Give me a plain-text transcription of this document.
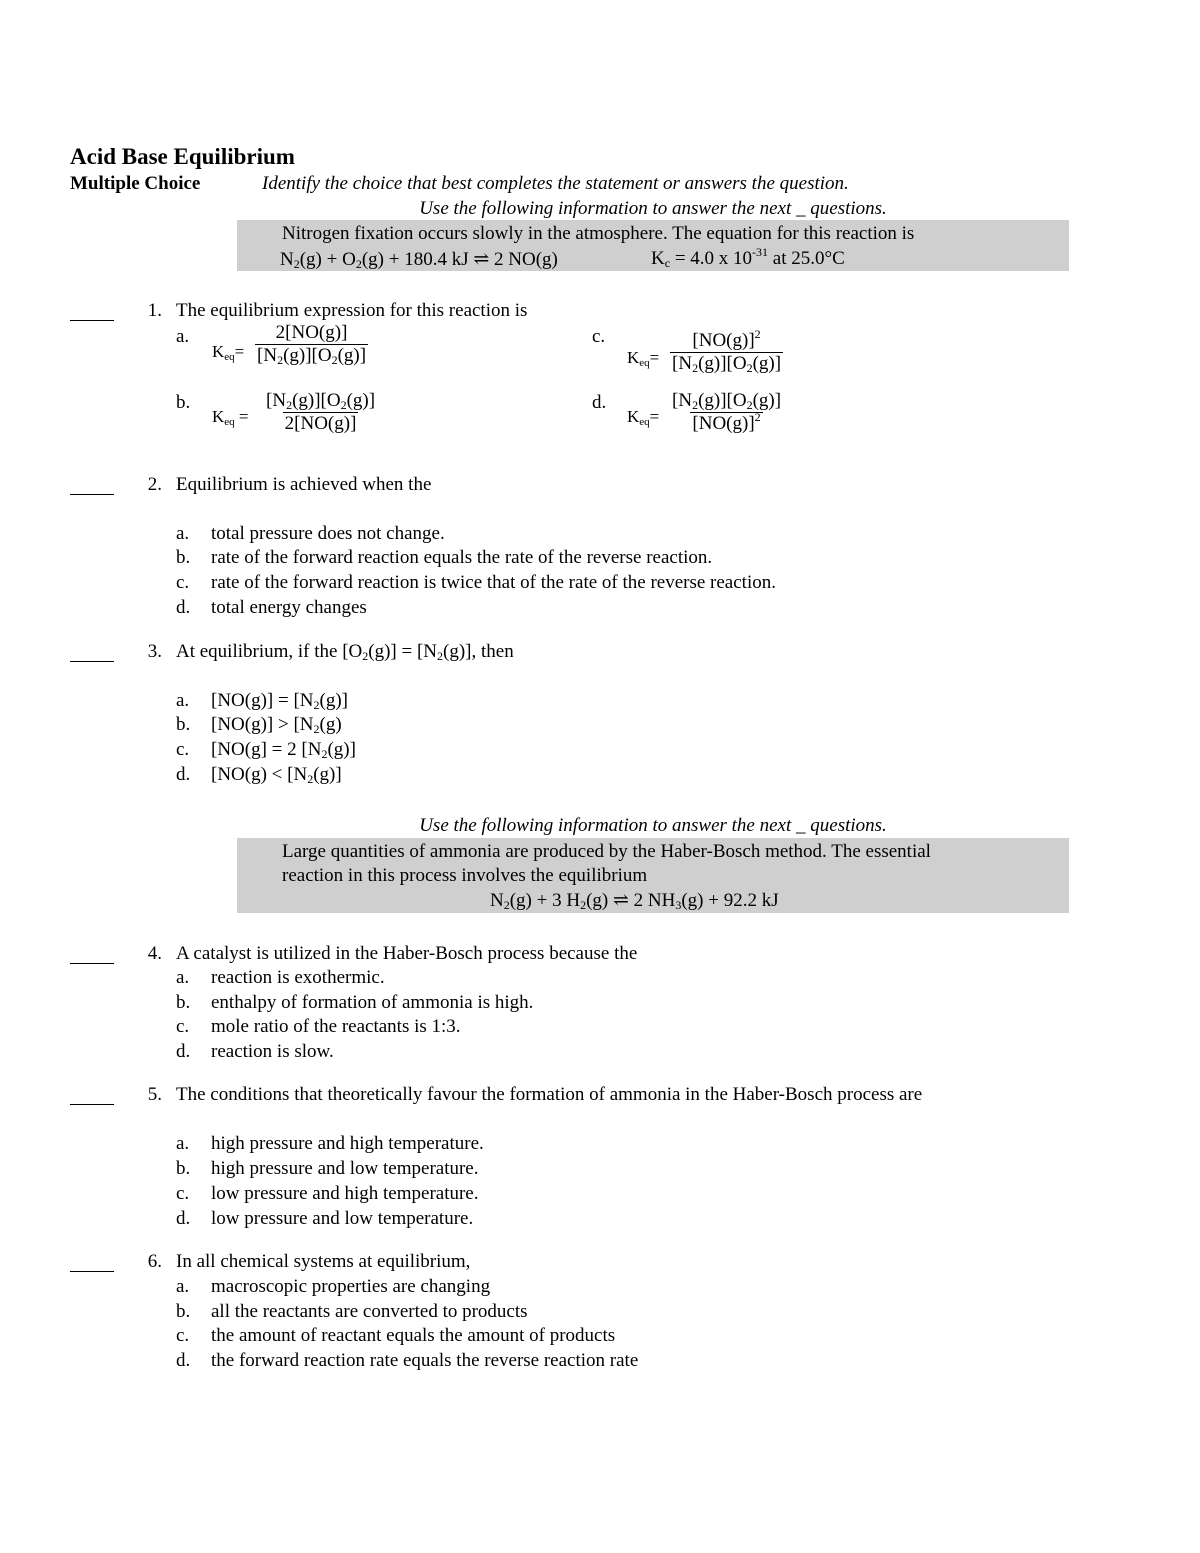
Acid Base Equilibrium
Multiple Choice	Identify the choice that best completes the statement or answers the question.
Use the following information to answer the next _ questions.
Nitrogen fixation occurs slowly in the atmosphere. The equation for this reaction is
$N_2(g) + O_2(g) + 180.4$ kJ ⇌ 2 NO(g)	$K_c = 4.0$ x $10^{-31}$ at 25.0°C
1. The equilibrium expression for this reaction is
a.
$K_{eq}= \frac{2[NO(g)]}{[N_2(g)][O_2(g)]}$	c.
$K_{eq}= \frac{[NO(g)]^2}{[N_2(g)][O_2(g)]}$
b.
$K_{eq} = \frac{[N_2(g)][O_2(g)]}{2[NO(g)]}$	d.
$K_{eq}= \frac{[N_2(g)][O_2(g)]}{[NO(g)]^2}$
2. Equilibrium is achieved when the
a. total pressure does not change.
b. rate of the forward reaction equals the rate of the reverse reaction.
c. rate of the forward reaction is twice that of the rate of the reverse reaction.
d. total energy changes
3. At equilibrium, if the $[O_2(g)] = [N_2(g)]$, then
a. $[NO(g)] = [N_2(g)]$
b. $[NO(g)] > [N_2(g)$
c. [NO(g] = 2 $[N_2(g)]$
d. [$NO(g) < [N_2(g)]$
Use the following information to answer the next _ questions.
Large quantities of ammonia are produced by the Haber-Bosch method. The essential
reaction in this process involves the equilibrium
$N_2(g) + 3$ $H_2(g)$ ⇌ 2 $NH_3(g) + 92.2$ kJ
4. A catalyst is utilized in the Haber-Bosch process because the
a. reaction is exothermic.
b. enthalpy of formation of ammonia is high.
c. mole ratio of the reactants is 1:3.
d. reaction is slow.
5. The conditions that theoretically favour the formation of ammonia in the Haber-Bosch process are
a. high pressure and high temperature.
b. high pressure and low temperature.
c. low pressure and high temperature.
d. low pressure and low temperature.
6. In all chemical systems at equilibrium,
a. macroscopic properties are changing
b. all the reactants are converted to products
c. the amount of reactant equals the amount of products
d. the forward reaction rate equals the reverse reaction rate
